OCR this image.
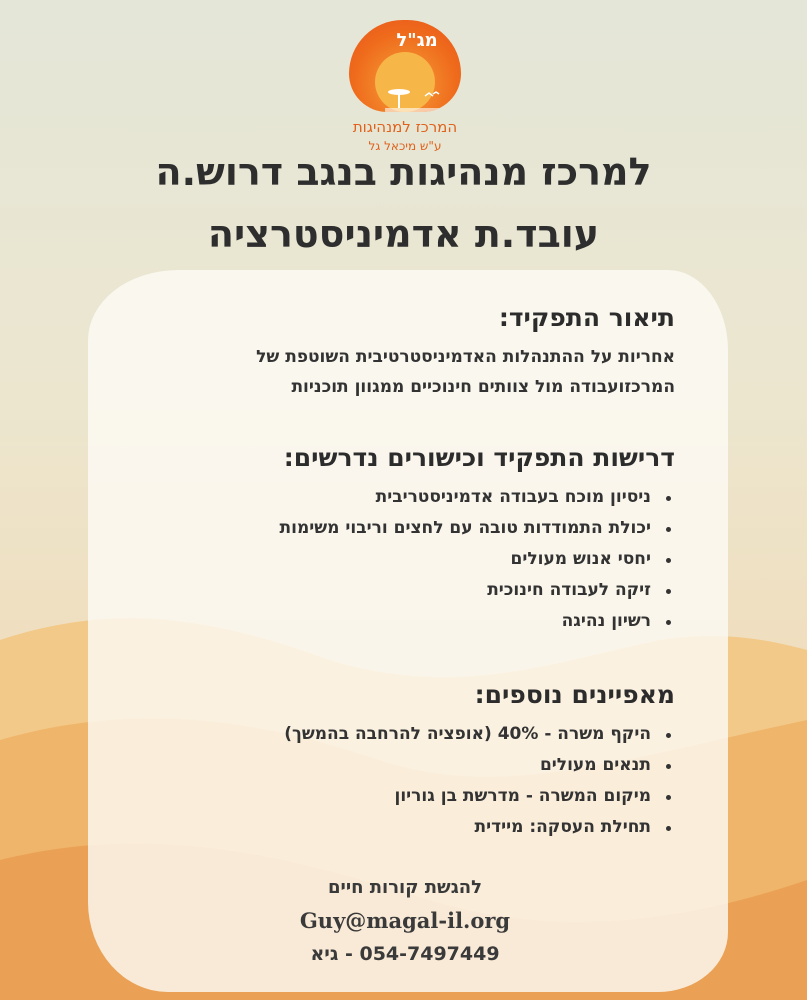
מג"ל
המרכז למנהיגות
ע"ש מיכאל גל
למרכז מנהיגות בנגב דרוש.ה
עובד.ת אדמיניסטרציה
תיאור התפקיד:

אחריות על ההתנהלות האדמיניסטרטיבית השוטפת של
המרכזועבודה מול צוותים חינוכיים ממגוון תוכניות

דרישות התפקיד וכישורים נדרשים:
ניסיון מוכח בעבודה אדמיניסטריבית
יכולת התמודדות טובה עם לחצים וריבוי משימות
יחסי אנוש מעולים
זיקה לעבודה חינוכית
רשיון נהיגה
מאפיינים נוספים:
היקף משרה - 40% (אופציה להרחבה בהמשך)
תנאים מעולים
מיקום המשרה - מדרשת בן גוריון
תחילת העסקה: מיידית
להגשת קורות חיים
Guy@magal-il.org
054-7497449 - גיא
